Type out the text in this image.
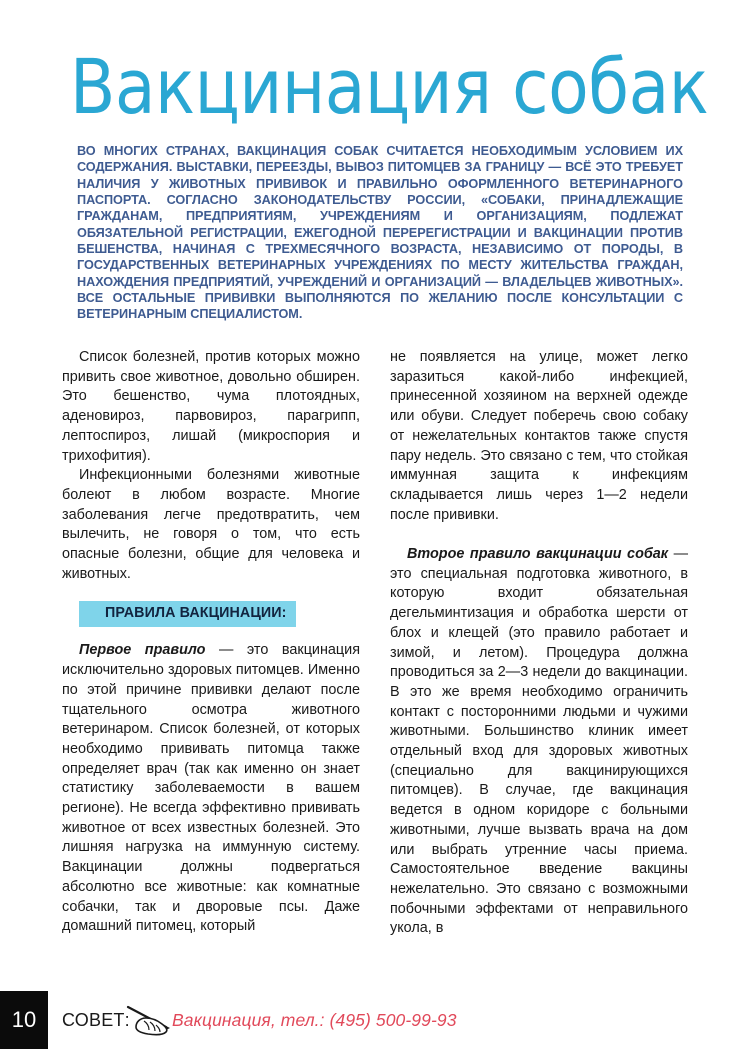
Вакцинация собак
ВО МНОГИХ СТРАНАХ, ВАКЦИНАЦИЯ СОБАК СЧИТАЕТСЯ НЕОБХОДИМЫМ УСЛОВИЕМ ИХ СОДЕРЖАНИЯ. ВЫСТАВКИ, ПЕРЕЕЗДЫ, ВЫВОЗ ПИТОМЦЕВ ЗА ГРАНИЦУ — ВСЁ ЭТО ТРЕБУЕТ НАЛИЧИЯ У ЖИВОТНЫХ ПРИВИВОК И ПРАВИЛЬНО ОФОРМЛЕННОГО ВЕТЕРИНАРНОГО ПАСПОРТА. СОГЛАСНО ЗАКОНОДАТЕЛЬСТВУ РОССИИ, «СОБАКИ, ПРИНАДЛЕЖАЩИЕ ГРАЖДАНАМ, ПРЕДПРИЯТИЯМ, УЧРЕЖДЕНИЯМ И ОРГАНИЗАЦИЯМ, ПОДЛЕЖАТ ОБЯЗАТЕЛЬНОЙ РЕГИСТРАЦИИ, ЕЖЕГОДНОЙ ПЕРЕРЕГИСТРАЦИИ И ВАКЦИНАЦИИ ПРОТИВ БЕШЕНСТВА, НАЧИНАЯ С ТРЕХМЕСЯЧНОГО ВОЗРАСТА, НЕЗАВИСИМО ОТ ПОРОДЫ, В ГОСУДАРСТВЕННЫХ ВЕТЕРИНАРНЫХ УЧРЕЖДЕНИЯХ ПО МЕСТУ ЖИТЕЛЬСТВА ГРАЖДАН, НАХОЖДЕНИЯ ПРЕДПРИЯТИЙ, УЧРЕЖДЕНИЙ И ОРГАНИЗАЦИЙ — ВЛАДЕЛЬЦЕВ ЖИВОТНЫХ». ВСЕ ОСТАЛЬНЫЕ ПРИВИВКИ ВЫПОЛНЯЮТСЯ ПО ЖЕЛАНИЮ ПОСЛЕ КОНСУЛЬТАЦИИ С ВЕТЕРИНАРНЫМ СПЕЦИАЛИСТОМ.

Список болезней, против которых можно привить свое животное, довольно обширен. Это бешенство, чума плотоядных, аденовироз, парвовироз, парагрипп, лептоспироз, лишай (микроспория и трихофития).

Инфекционными болезнями животные болеют в любом возрасте. Многие заболевания легче предотвратить, чем вылечить, не говоря о том, что есть опасные болезни, общие для человека и животных.

ПРАВИЛА ВАКЦИНАЦИИ:

Первое правило — это вакцинация исключительно здоровых питомцев. Именно по этой причине прививки делают после тщательного осмотра животного ветеринаром. Список болезней, от которых необходимо прививать питомца также определяет врач (так как именно он знает статистику заболеваемости в вашем регионе). Не всегда эффективно прививать животное от всех известных болезней. Это лишняя нагрузка на иммунную систему. Вакцинации должны подвергаться абсолютно все животные: как комнатные собачки, так и дворовые псы. Даже домашний питомец, который

не появляется на улице, может легко заразиться какой-либо инфекцией, принесенной хозяином на верхней одежде или обуви. Следует поберечь свою собаку от нежелательных контактов также спустя пару недель. Это связано с тем, что стойкая иммунная защита к инфекциям складывается лишь через 1—2 недели после прививки.

Второе правило вакцинации собак — это специальная подготовка животного, в которую входит обязательная дегельминтизация и обработка шерсти от блох и клещей (это правило работает и зимой, и летом). Процедура должна проводиться за 2—3 недели до вакцинации. В это же время необходимо ограничить контакт с посторонними людьми и чужими животными. Большинство клиник имеет отдельный вход для здоровых животных (специально для вакцинирующихся питомцев). В случае, где вакцинация ведется в одном коридоре с больными животными, лучше вызвать врача на дом или выбрать утренние часы приема. Самостоятельное введение вакцины нежелательно. Это связано с возможными побочными эффектами от неправильного укола, в

10	СОВЕТ: Вакцинация, тел.: (495) 500-99-93
